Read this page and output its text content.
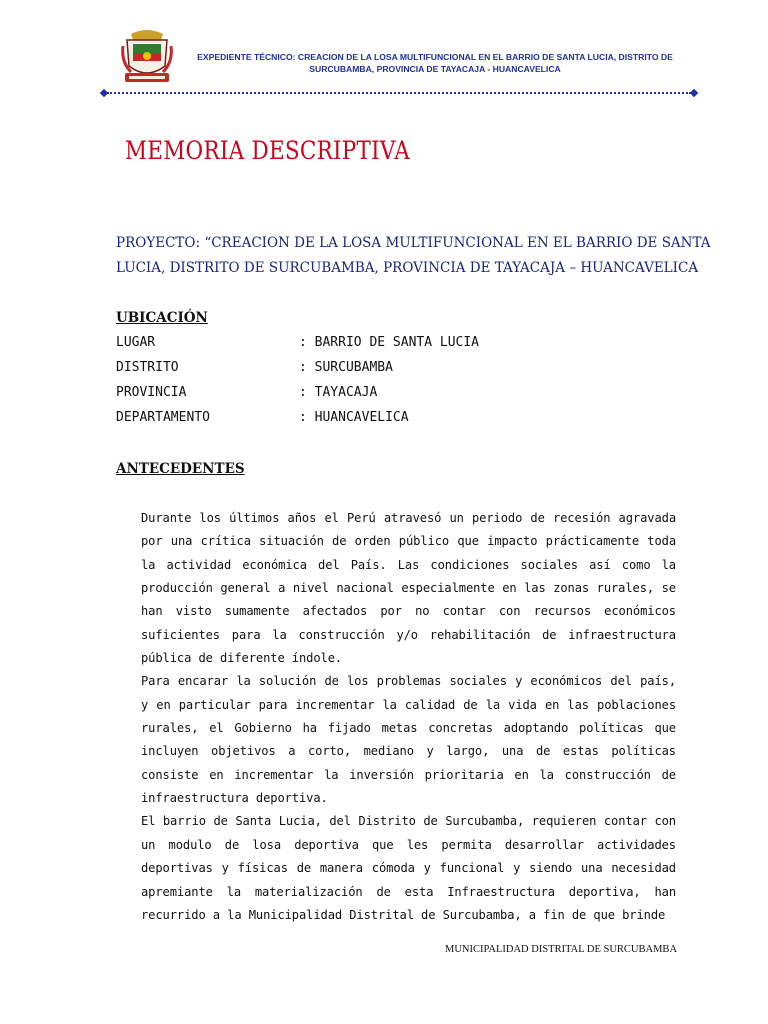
EXPEDIENTE TÉCNICO: CREACION DE LA LOSA MULTIFUNCIONAL EN EL BARRIO DE SANTA LUCIA, DISTRITO DE
SURCUBAMBA, PROVINCIA DE TAYACAJA - HUANCAVELICA
MEMORIA DESCRIPTIVA
PROYECTO: “CREACION DE LA LOSA MULTIFUNCIONAL EN EL BARRIO DE SANTA
LUCIA, DISTRITO DE SURCUBAMBA, PROVINCIA DE TAYACAJA – HUANCAVELICA
UBICACIÓN
LUGAR	: BARRIO DE SANTA LUCIA
DISTRITO	: SURCUBAMBA
PROVINCIA	: TAYACAJA
DEPARTAMENTO	: HUANCAVELICA
ANTECEDENTES

Durante los últimos años el Perú atravesó un periodo de recesión agravada por una crítica situación de orden público que impacto prácticamente toda la actividad económica del País. Las condiciones sociales así como la producción general a nivel nacional especialmente en las zonas rurales, se han visto sumamente afectados por no contar con recursos económicos suficientes para la construcción y/o rehabilitación de infraestructura pública de diferente índole.

Para encarar la solución de los problemas sociales y económicos del país, y en particular para incrementar la calidad de la vida en las poblaciones rurales, el Gobierno ha fijado metas concretas adoptando políticas que incluyen objetivos a corto, mediano y largo, una de estas políticas consiste en incrementar la inversión prioritaria en la construcción de infraestructura deportiva.

El barrio de Santa Lucia, del Distrito de Surcubamba, requieren contar con un modulo de losa deportiva que les permita desarrollar actividades deportivas y físicas de manera cómoda y funcional y siendo una necesidad apremiante la materialización de esta Infraestructura deportiva, han recurrido a la Municipalidad Distrital de Surcubamba, a fin de que brinde

MUNICIPALIDAD DISTRITAL DE SURCUBAMBA
